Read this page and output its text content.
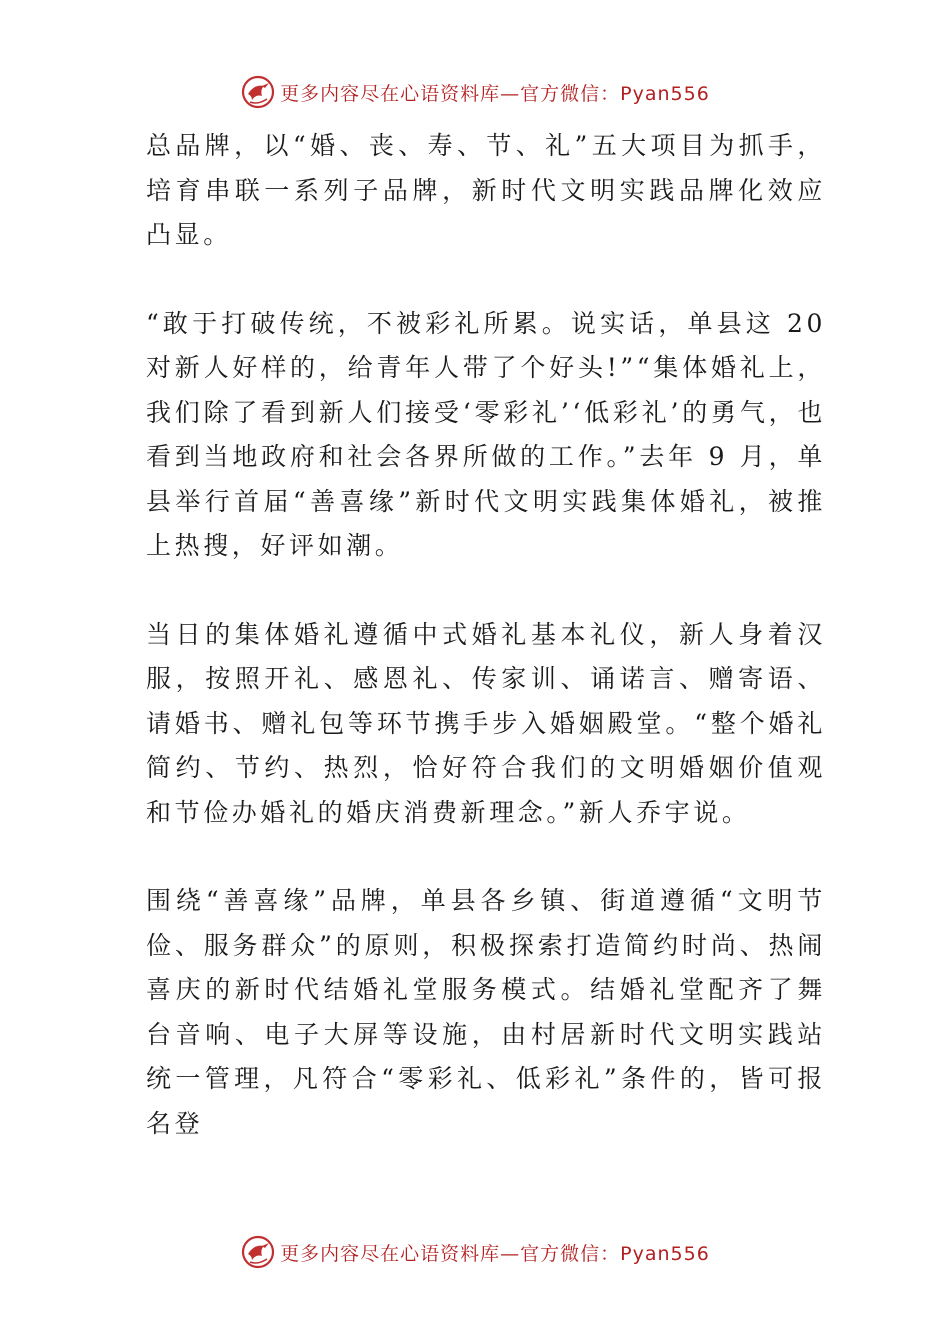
更多内容尽在心语资料库—官方微信：Pyan556

总品牌，以“婚、丧、寿、节、礼”五大项目为抓手，培育串联一系列子品牌，新时代文明实践品牌化效应凸显。

“敢于打破传统，不被彩礼所累。说实话，单县这 20 对新人好样的，给青年人带了个好头!”“集体婚礼上，我们除了看到新人们接受‘零彩礼’‘低彩礼’的勇气，也看到当地政府和社会各界所做的工作。”去年 9 月，单县举行首届“善喜缘”新时代文明实践集体婚礼，被推上热搜，好评如潮。

当日的集体婚礼遵循中式婚礼基本礼仪，新人身着汉服，按照开礼、感恩礼、传家训、诵诺言、赠寄语、请婚书、赠礼包等环节携手步入婚姻殿堂。“整个婚礼简约、节约、热烈，恰好符合我们的文明婚姻价值观和节俭办婚礼的婚庆消费新理念。”新人乔宇说。

围绕“善喜缘”品牌，单县各乡镇、街道遵循“文明节俭、服务群众”的原则，积极探索打造简约时尚、热闹喜庆的新时代结婚礼堂服务模式。结婚礼堂配齐了舞台音响、电子大屏等设施，由村居新时代文明实践站统一管理，凡符合“零彩礼、低彩礼”条件的，皆可报名登

更多内容尽在心语资料库—官方微信：Pyan556
